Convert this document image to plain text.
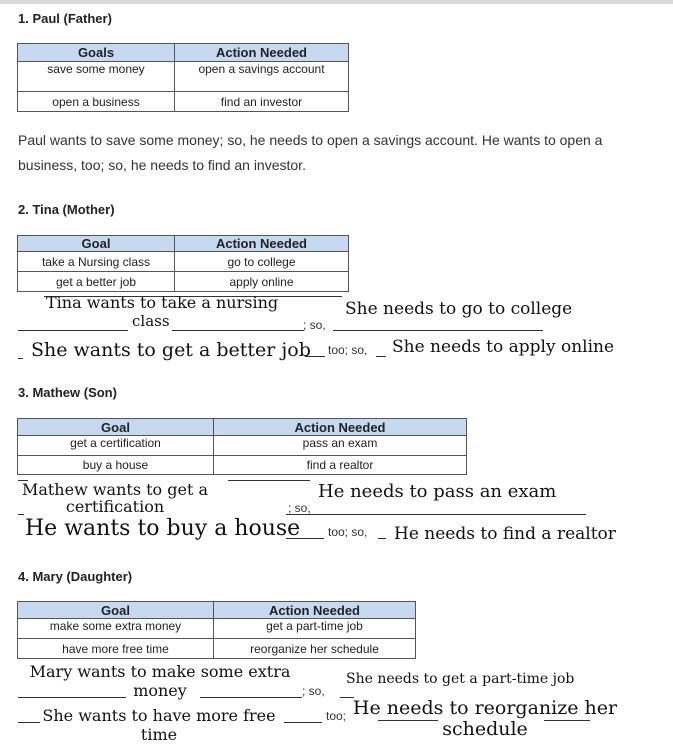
1. Paul (Father)
Goals	Action Needed
save some money	open a savings account
open a business	find an investor
Paul wants to save some money; so, he needs to open a savings account. He wants to open a business, too; so, he needs to find an investor.
2. Tina (Mother)
Goal	Action Needed
take a Nursing class	go to college
get a better job	apply online
Tina wants to take a nursing
class	; so,
She needs to go to college
She wants to get a better job too; so, She needs to apply online
3. Mathew (Son)
Goal	Action Needed
get a certification	pass an exam
buy a house	find a realtor
Mathew wants to get a
certification	; so,
He needs to pass an exam
He wants to buy a house too; so, He needs to find a realtor
4. Mary (Daughter)
Goal	Action Needed
make some extra money	get a part-time job
have more free time	reorganize her schedule
Mary wants to make some extra
money	; so,
She needs to get a part-time job
She wants to have more free
time
too; He needs to reorganize her
schedule
